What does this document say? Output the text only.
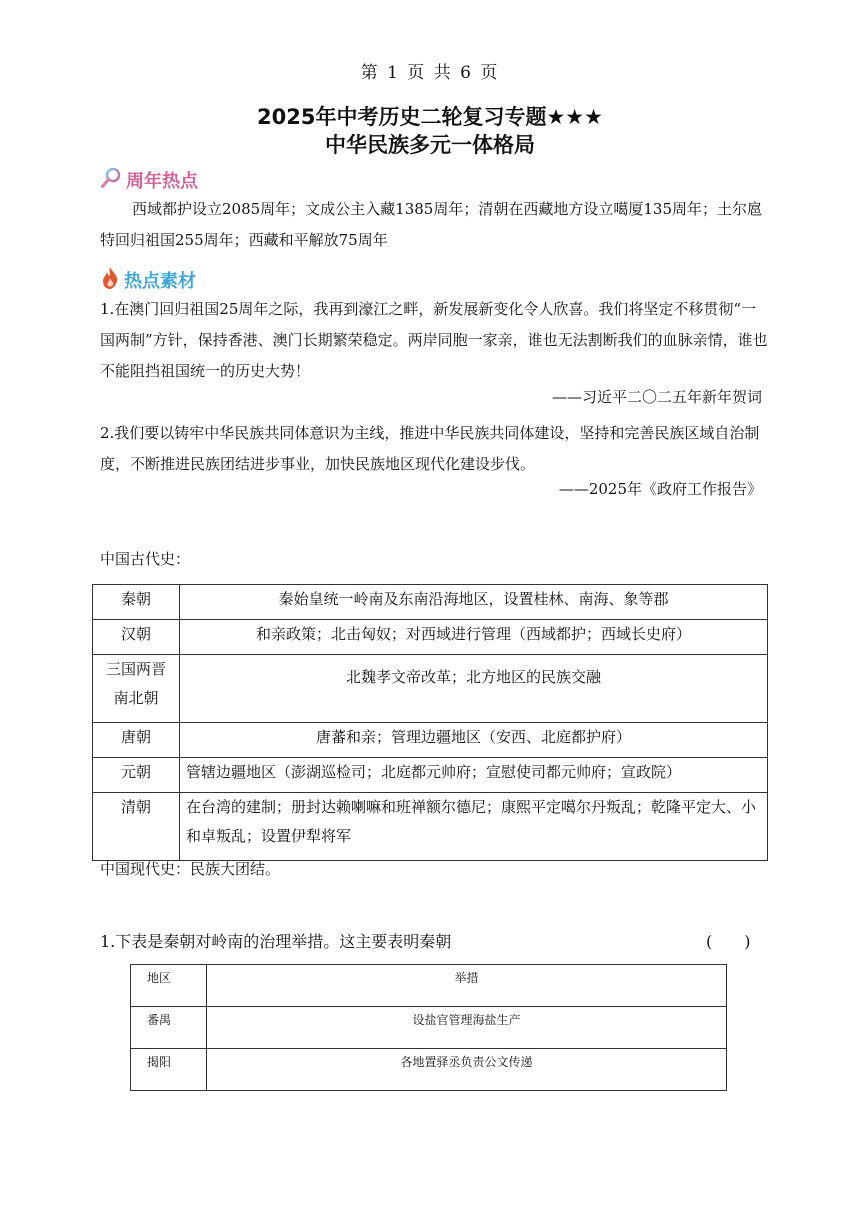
第 1 页 共 6 页
2025年中考历史二轮复习专题★★★
中华民族多元一体格局
周年热点

西域都护设立2085周年；文成公主入藏1385周年；清朝在西藏地方设立噶厦135周年；土尔扈特回归祖国255周年；西藏和平解放75周年

热点素材

1.在澳门回归祖国25周年之际，我再到濠江之畔，新发展新变化令人欣喜。我们将坚定不移贯彻“一国两制”方针，保持香港、澳门长期繁荣稳定。两岸同胞一家亲，谁也无法割断我们的血脉亲情，谁也不能阻挡祖国统一的历史大势！

——习近平二〇二五年新年贺词

2.我们要以铸牢中华民族共同体意识为主线，推进中华民族共同体建设，坚持和完善民族区域自治制度，不断推进民族团结进步事业，加快民族地区现代化建设步伐。

——2025年《政府工作报告》
中国古代史：
秦朝	秦始皇统一岭南及东南沿海地区，设置桂林、南海、象等郡
汉朝	和亲政策；北击匈奴；对西域进行管理（西域都护；西域长史府）
三国两晋南北朝	北魏孝文帝改革；北方地区的民族交融
唐朝	唐蕃和亲；管理边疆地区（安西、北庭都护府）
元朝	管辖边疆地区（澎湖巡检司；北庭都元帅府；宣慰使司都元帅府；宣政院）
清朝	在台湾的建制；册封达赖喇嘛和班禅额尔德尼；康熙平定噶尔丹叛乱；乾隆平定大、小和卓叛乱；设置伊犁将军
中国现代史：民族大团结。
1.下表是秦朝对岭南的治理举措。这主要表明秦朝	(　　)
地区	举措
番禺	设盐官管理海盐生产
揭阳	各地置驿丞负责公文传递
